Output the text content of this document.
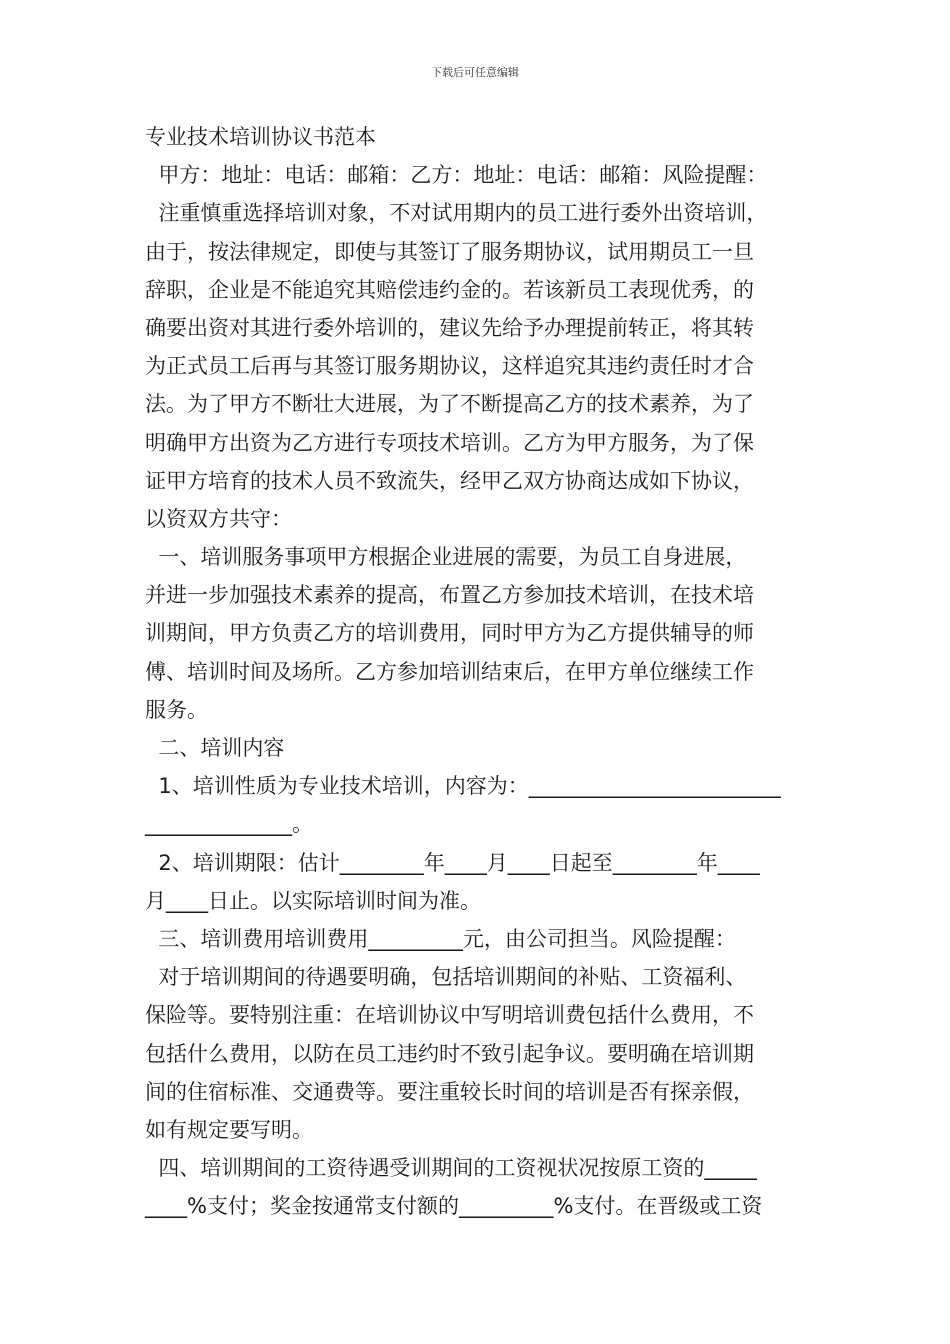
下载后可任意编辑
专业技术培训协议书范本
甲方：地址：电话：邮箱：乙方：地址：电话：邮箱：风险提醒：
注重慎重选择培训对象，不对试用期内的员工进行委外出资培训，
由于，按法律规定，即使与其签订了服务期协议，试用期员工一旦
辞职，企业是不能追究其赔偿违约金的。若该新员工表现优秀，的
确要出资对其进行委外培训的，建议先给予办理提前转正，将其转
为正式员工后再与其签订服务期协议，这样追究其违约责任时才合
法。为了甲方不断壮大进展，为了不断提高乙方的技术素养，为了
明确甲方出资为乙方进行专项技术培训。乙方为甲方服务，为了保
证甲方培育的技术人员不致流失，经甲乙双方协商达成如下协议，
以资双方共守：
一、培训服务事项甲方根据企业进展的需要，为员工自身进展，
并进一步加强技术素养的提高，布置乙方参加技术培训，在技术培
训期间，甲方负责乙方的培训费用，同时甲方为乙方提供辅导的师
傅、培训时间及场所。乙方参加培训结束后，在甲方单位继续工作
服务。
二、培训内容
1、培训性质为专业技术培训，内容为：________________________
______________。
2、培训期限：估计________年____月____日起至________年____
月____日止。以实际培训时间为准。
三、培训费用培训费用_________元，由公司担当。风险提醒：
对于培训期间的待遇要明确，包括培训期间的补贴、工资福利、
保险等。要特别注重：在培训协议中写明培训费包括什么费用，不
包括什么费用，以防在员工违约时不致引起争议。要明确在培训期
间的住宿标准、交通费等。要注重较长时间的培训是否有探亲假，
如有规定要写明。
四、培训期间的工资待遇受训期间的工资视状况按原工资的_____
____%支付；奖金按通常支付额的_________%支付。在晋级或工资
